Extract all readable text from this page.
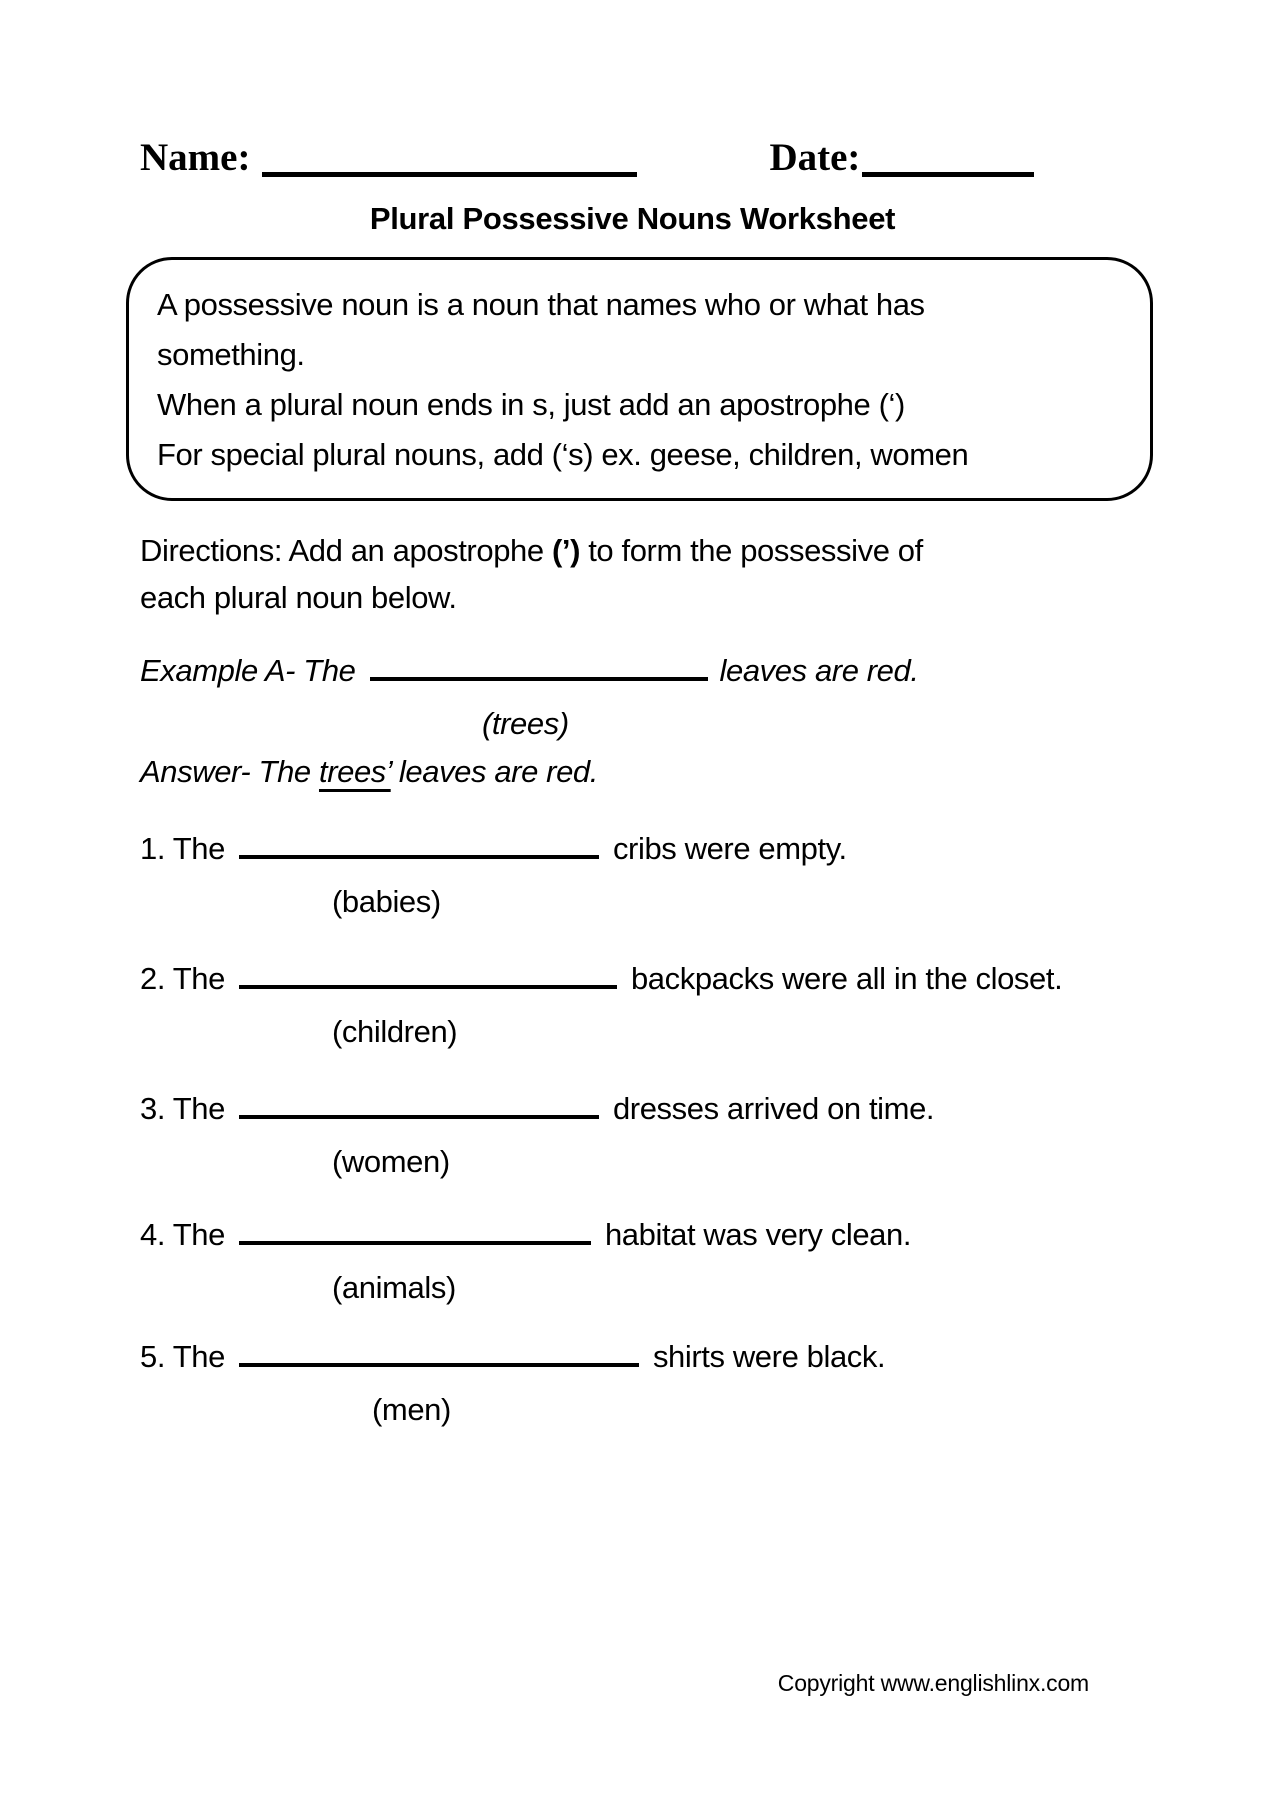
Name:	Date:
Plural Possessive Nouns Worksheet
A possessive noun is a noun that names who or what has
something.
When a plural noun ends in s, just add an apostrophe (‘)
For special plural nouns, add (‘s) ex. geese, children, women
Directions: Add an apostrophe (’) to form the possessive of
each plural noun below.
Example A- The	leaves are red.
(trees)
Answer- The trees’ leaves are red.
1. The	cribs were empty.
(babies)
2. The	backpacks were all in the closet.
(children)
3. The	dresses arrived on time.
(women)
4. The	habitat was very clean.
(animals)
5. The	shirts were black.
(men)
Copyright www.englishlinx.com
